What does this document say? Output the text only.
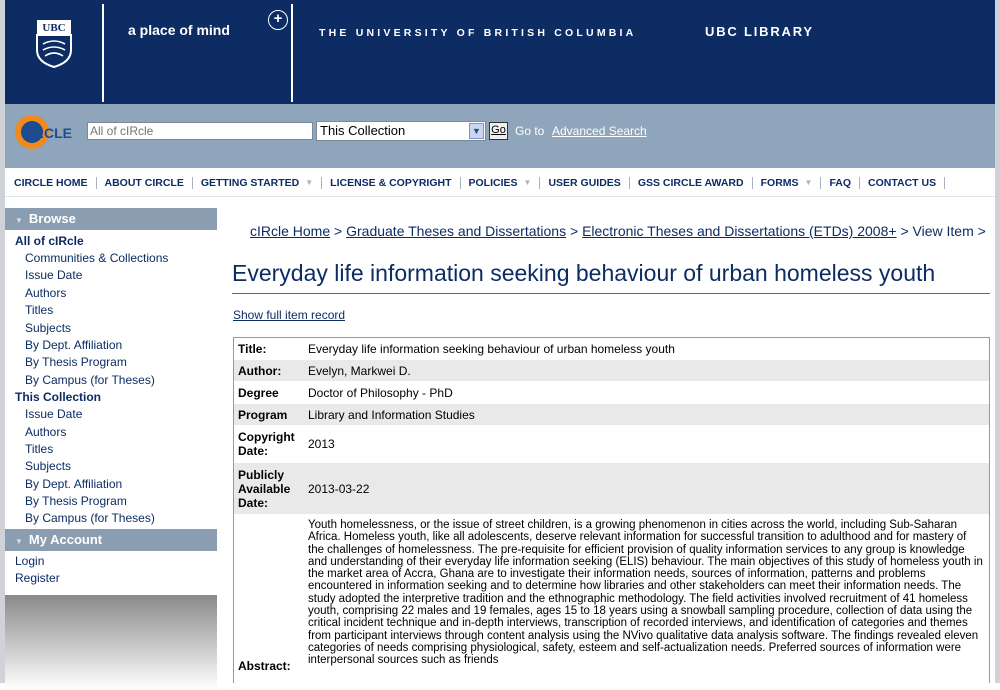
UBC	a place of mind
+
THE UNIVERSITY OF BRITISH COLUMBIA	UBC LIBRARY
IRCLE
All of cIRcle	This Collection	▼ Go Go to Advanced Search
CIRCLE HOME ABOUT CIRCLE GETTING STARTED ▼ LICENSE & COPYRIGHT POLICIES ▼ USER GUIDES GSS CIRCLE AWARD FORMS ▼ FAQ CONTACT US
▼ Browse
All of cIRcle
Communities & Collections
Issue Date
Authors
Titles
Subjects
By Dept. Affiliation
By Thesis Program
By Campus (for Theses)
This Collection
Issue Date
Authors
Titles
Subjects
By Dept. Affiliation
By Thesis Program
By Campus (for Theses)
▼ My Account
Login
Register
cIRcle Home > Graduate Theses and Dissertations > Electronic Theses and Dissertations (ETDs) 2008+ > View Item >
Everyday life information seeking behaviour of urban homeless youth
Show full item record
Title:	Everyday life information seeking behaviour of urban homeless youth
Author:	Evelyn, Markwei D.
Degree	Doctor of Philosophy - PhD
Program	Library and Information Studies
Copyright Date:	2013
Publicly Available Date:
2013-03-22
Abstract:
Youth homelessness, or the issue of street children, is a growing phenomenon in cities across the world, including Sub-Saharan Africa. Homeless youth, like all adolescents, deserve relevant information for successful transition to adulthood and for mastery of the challenges of homelessness. The pre-requisite for efficient provision of quality information services to any group is knowledge and understanding of their everyday life information seeking (ELIS) behaviour. The main objectives of this study of homeless youth in the market area of Accra, Ghana are to investigate their information needs, sources of information, patterns and problems encountered in information seeking and to determine how libraries and other stakeholders can meet their information needs. The study adopted the interpretive tradition and the ethnographic methodology. The field activities involved recruitment of 41 homeless youth, comprising 22 males and 19 females, ages 15 to 18 years using a snowball sampling procedure, collection of data using the critical incident technique and in-depth interviews, transcription of recorded interviews, and identification of categories and themes from participant interviews through content analysis using the NVivo qualitative data analysis software. The findings revealed eleven categories of needs comprising physiological, safety, esteem and self-actualization needs. Preferred sources of information were interpersonal sources such as friends
